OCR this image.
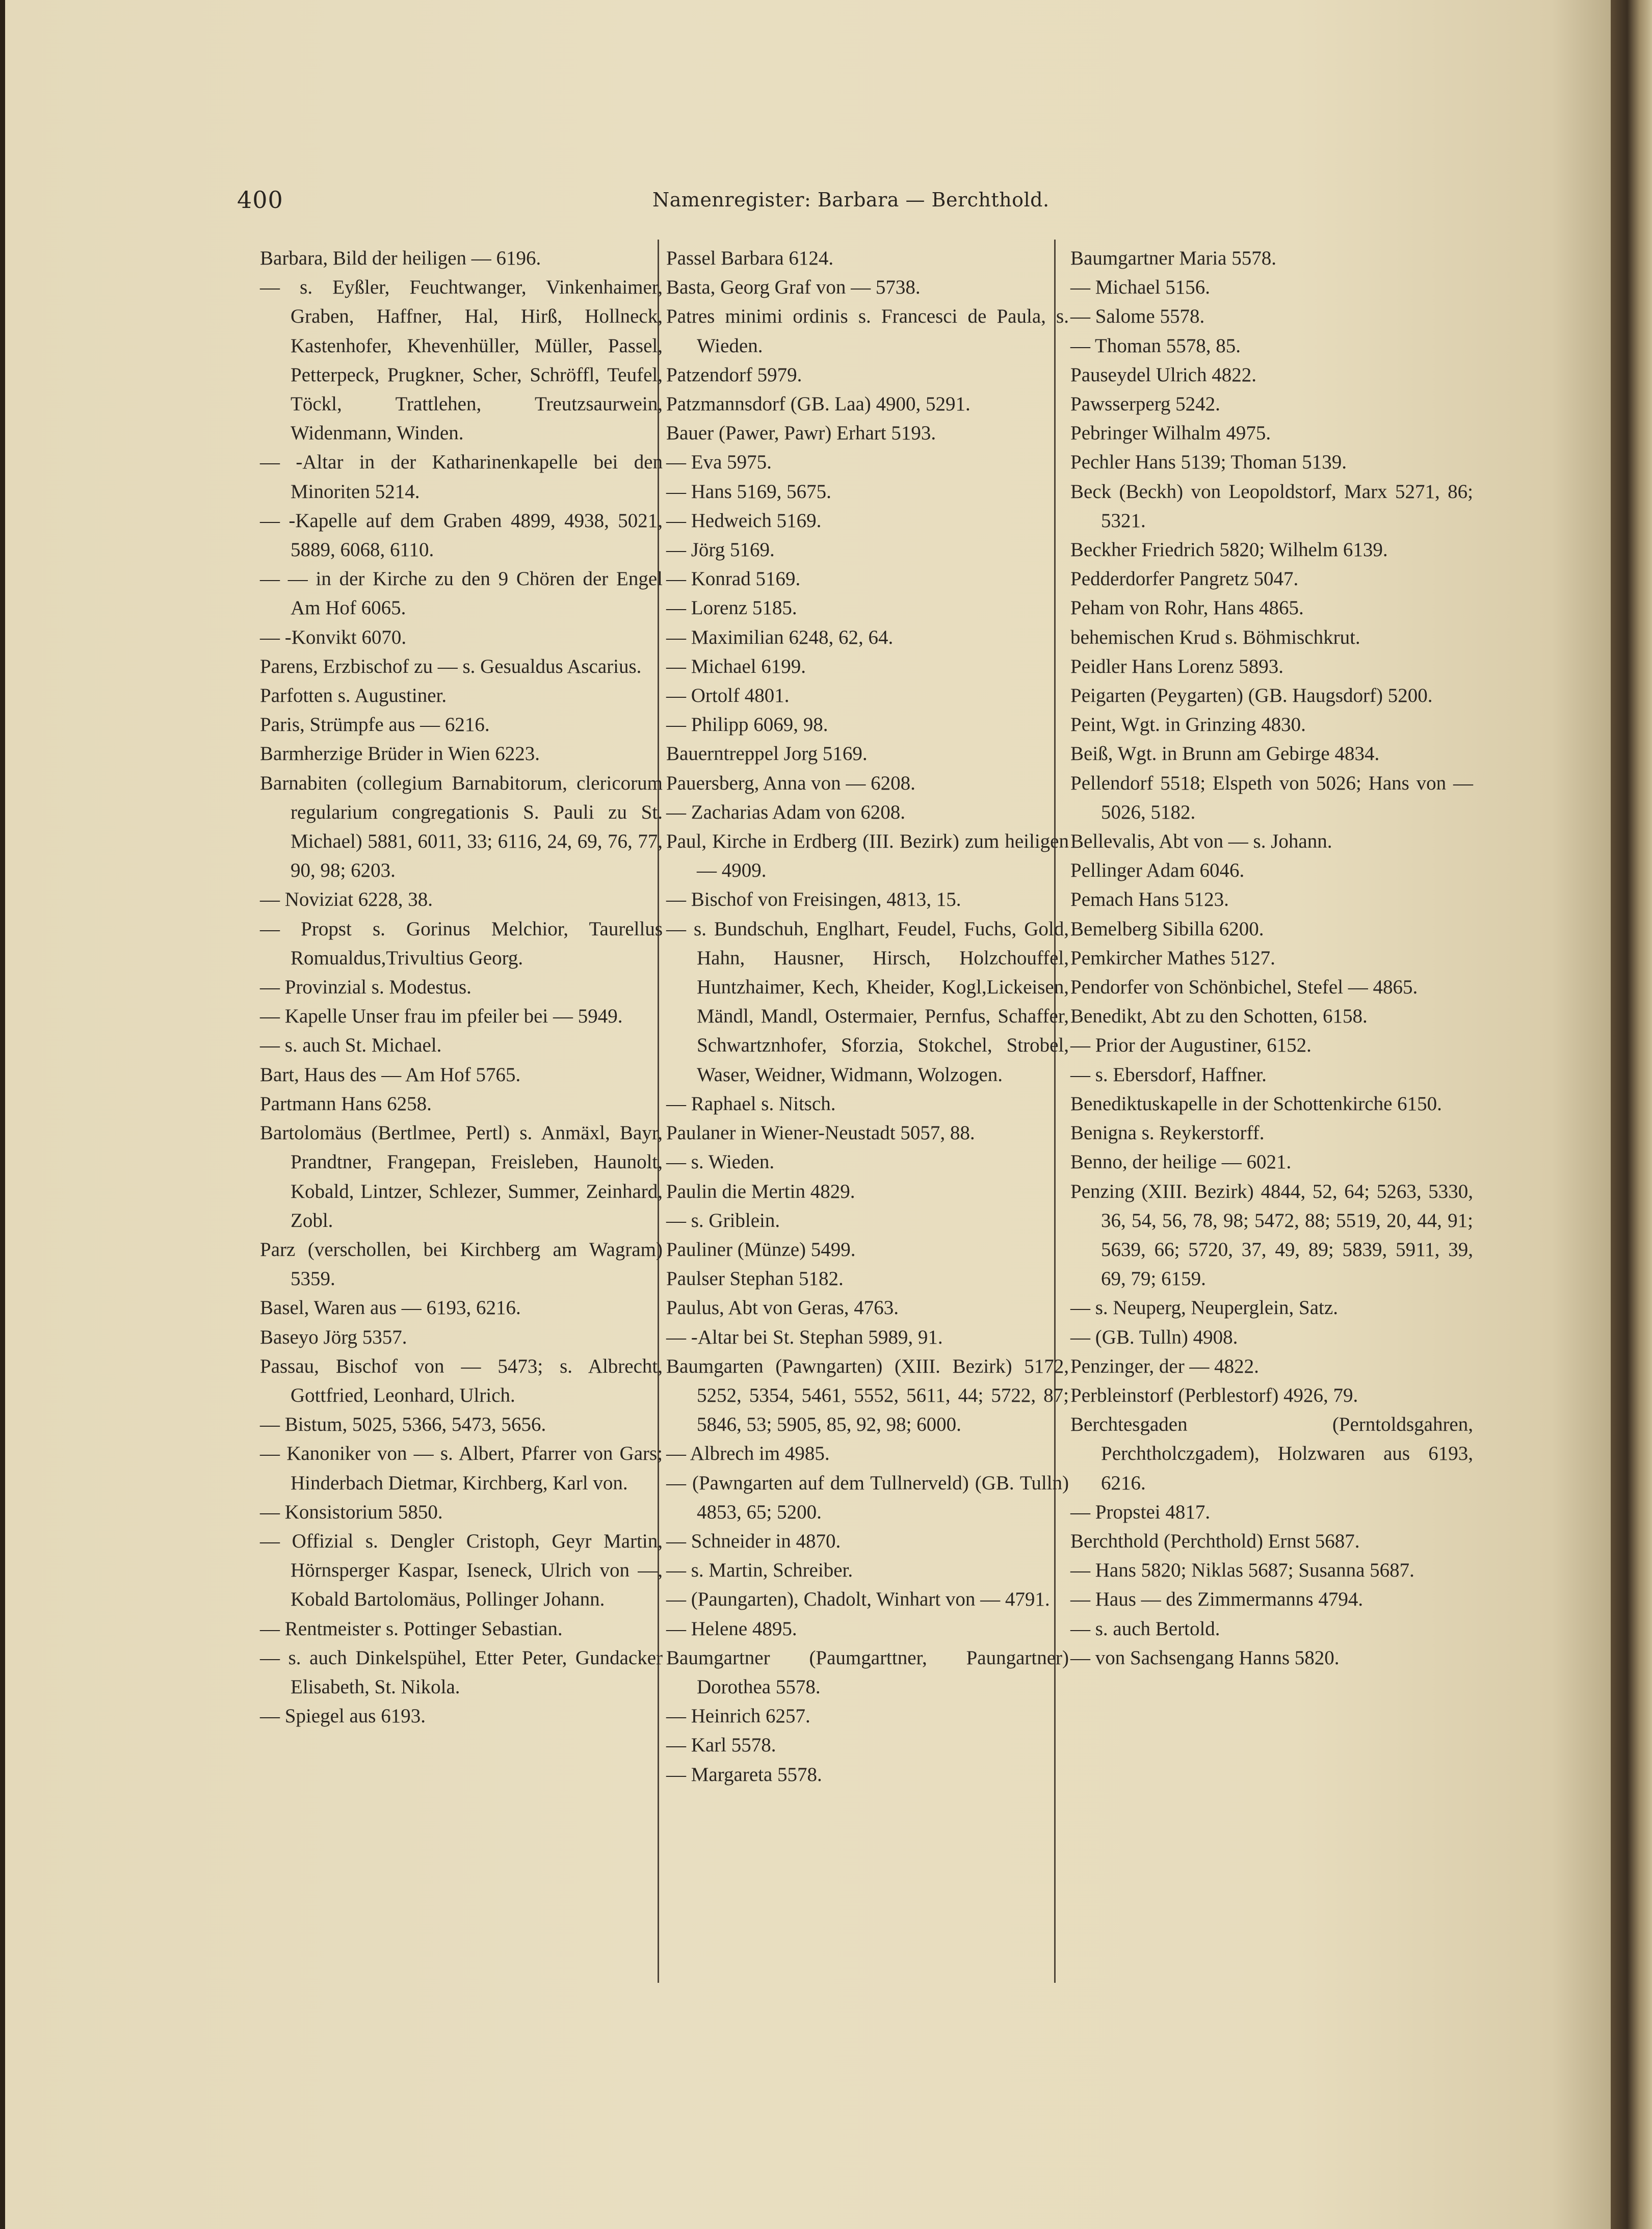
400	Namenregister: Barbara — Berchthold.

Barbara, Bild der heiligen — 6196.

— s. Eyßler, Feuchtwanger, Vinkenhaimer, Graben, Haffner, Hal, Hirß, Hollneck, Kastenhofer, Khevenhüller, Müller, Passel, Petterpeck, Prugkner, Scher, Schröffl, Teufel, Töckl, Trattlehen, Treutzsaurwein, Widenmann, Winden.

— -Altar in der Katharinenkapelle bei den Minoriten 5214.

— -Kapelle auf dem Graben 4899, 4938, 5021, 5889, 6068, 6110.

— — in der Kirche zu den 9 Chören der Engel Am Hof 6065.

— -Konvikt 6070.

Parens, Erzbischof zu — s. Gesualdus Ascarius.

Parfotten s. Augustiner.

Paris, Strümpfe aus — 6216.

Barmherzige Brüder in Wien 6223.

Barnabiten (collegium Barnabitorum, clericorum regularium congregationis S. Pauli zu St. Michael) 5881, 6011, 33; 6116, 24, 69, 76, 77, 90, 98; 6203.

— Noviziat 6228, 38.

— Propst s. Gorinus Melchior, Taurellus Romualdus,Trivultius Georg.

— Provinzial s. Modestus.

— Kapelle Unser frau im pfeiler bei — 5949.

— s. auch St. Michael.

Bart, Haus des — Am Hof 5765.

Partmann Hans 6258.

Bartolomäus (Bertlmee, Pertl) s. Anmäxl, Bayr, Prandtner, Frangepan, Freisleben, Haunolt, Kobald, Lintzer, Schlezer, Summer, Zeinhard, Zobl.

Parz (verschollen, bei Kirchberg am Wagram) 5359.

Basel, Waren aus — 6193, 6216.

Baseyo Jörg 5357.

Passau, Bischof von — 5473; s. Albrecht, Gottfried, Leonhard, Ulrich.

— Bistum, 5025, 5366, 5473, 5656.

— Kanoniker von — s. Albert, Pfarrer von Gars; Hinderbach Dietmar, Kirchberg, Karl von.

— Konsistorium 5850.

— Offizial s. Dengler Cristoph, Geyr Martin, Hörnsperger Kaspar, Iseneck, Ulrich von —, Kobald Bartolomäus, Pollinger Johann.

— Rentmeister s. Pottinger Sebastian.

— s. auch Dinkelspühel, Etter Peter, Gundacker Elisabeth, St. Nikola.

— Spiegel aus 6193.

Passel Barbara 6124.

Basta, Georg Graf von — 5738.

Patres minimi ordinis s. Francesci de Paula, s. Wieden.

Patzendorf 5979.

Patzmannsdorf (GB. Laa) 4900, 5291.

Bauer (Pawer, Pawr) Erhart 5193.

— Eva 5975.

— Hans 5169, 5675.

— Hedweich 5169.

— Jörg 5169.

— Konrad 5169.

— Lorenz 5185.

— Maximilian 6248, 62, 64.

— Michael 6199.

— Ortolf 4801.

— Philipp 6069, 98.

Bauerntreppel Jorg 5169.

Pauersberg, Anna von — 6208.

— Zacharias Adam von 6208.

Paul, Kirche in Erdberg (III. Bezirk) zum heiligen — 4909.

— Bischof von Freisingen, 4813, 15.

— s. Bundschuh, Englhart, Feudel, Fuchs, Gold, Hahn, Hausner, Hirsch, Holzchouffel, Huntzhaimer, Kech, Kheider, Kogl,Lickeisen, Mändl, Mandl, Ostermaier, Pernfus, Schaffer, Schwartznhofer, Sforzia, Stokchel, Strobel, Waser, Weidner, Widmann, Wolzogen.

— Raphael s. Nitsch.

Paulaner in Wiener-Neustadt 5057, 88.

— s. Wieden.

Paulin die Mertin 4829.

— s. Griblein.

Pauliner (Münze) 5499.

Paulser Stephan 5182.

Paulus, Abt von Geras, 4763.

— -Altar bei St. Stephan 5989, 91.

Baumgarten (Pawngarten) (XIII. Bezirk) 5172, 5252, 5354, 5461, 5552, 5611, 44; 5722, 87; 5846, 53; 5905, 85, 92, 98; 6000.

— Albrech im 4985.

— (Pawngarten auf dem Tullnerveld) (GB. Tulln) 4853, 65; 5200.

— Schneider in 4870.

— s. Martin, Schreiber.

— (Paungarten), Chadolt, Winhart von — 4791.

— Helene 4895.

Baumgartner (Paumgarttner, Paungartner) Dorothea 5578.

— Heinrich 6257.

— Karl 5578.

— Margareta 5578.

Baumgartner Maria 5578.

— Michael 5156.

— Salome 5578.

— Thoman 5578, 85.

Pauseydel Ulrich 4822.

Pawsserperg 5242.

Pebringer Wilhalm 4975.

Pechler Hans 5139; Thoman 5139.

Beck (Beckh) von Leopoldstorf, Marx 5271, 86; 5321.

Beckher Friedrich 5820; Wilhelm 6139.

Pedderdorfer Pangretz 5047.

Peham von Rohr, Hans 4865.

behemischen Krud s. Böhmischkrut.

Peidler Hans Lorenz 5893.

Peigarten (Peygarten) (GB. Haugsdorf) 5200.

Peint, Wgt. in Grinzing 4830.

Beiß, Wgt. in Brunn am Gebirge 4834.

Pellendorf 5518; Elspeth von 5026; Hans von — 5026, 5182.

Bellevalis, Abt von — s. Johann.

Pellinger Adam 6046.

Pemach Hans 5123.

Bemelberg Sibilla 6200.

Pemkircher Mathes 5127.

Pendorfer von Schönbichel, Stefel — 4865.

Benedikt, Abt zu den Schotten, 6158.

— Prior der Augustiner, 6152.

— s. Ebersdorf, Haffner.

Benediktuskapelle in der Schottenkirche 6150.

Benigna s. Reykerstorff.

Benno, der heilige — 6021.

Penzing (XIII. Bezirk) 4844, 52, 64; 5263, 5330, 36, 54, 56, 78, 98; 5472, 88; 5519, 20, 44, 91; 5639, 66; 5720, 37, 49, 89; 5839, 5911, 39, 69, 79; 6159.

— s. Neuperg, Neuperglein, Satz.

— (GB. Tulln) 4908.

Penzinger, der — 4822.

Perbleinstorf (Perblestorf) 4926, 79.

Berchtesgaden (Perntoldsgahren, Perchtholczgadem), Holzwaren aus 6193, 6216.

— Propstei 4817.

Berchthold (Perchthold) Ernst 5687.

— Hans 5820; Niklas 5687; Susanna 5687.

— Haus — des Zimmermanns 4794.

— s. auch Bertold.

— von Sachsengang Hanns 5820.
